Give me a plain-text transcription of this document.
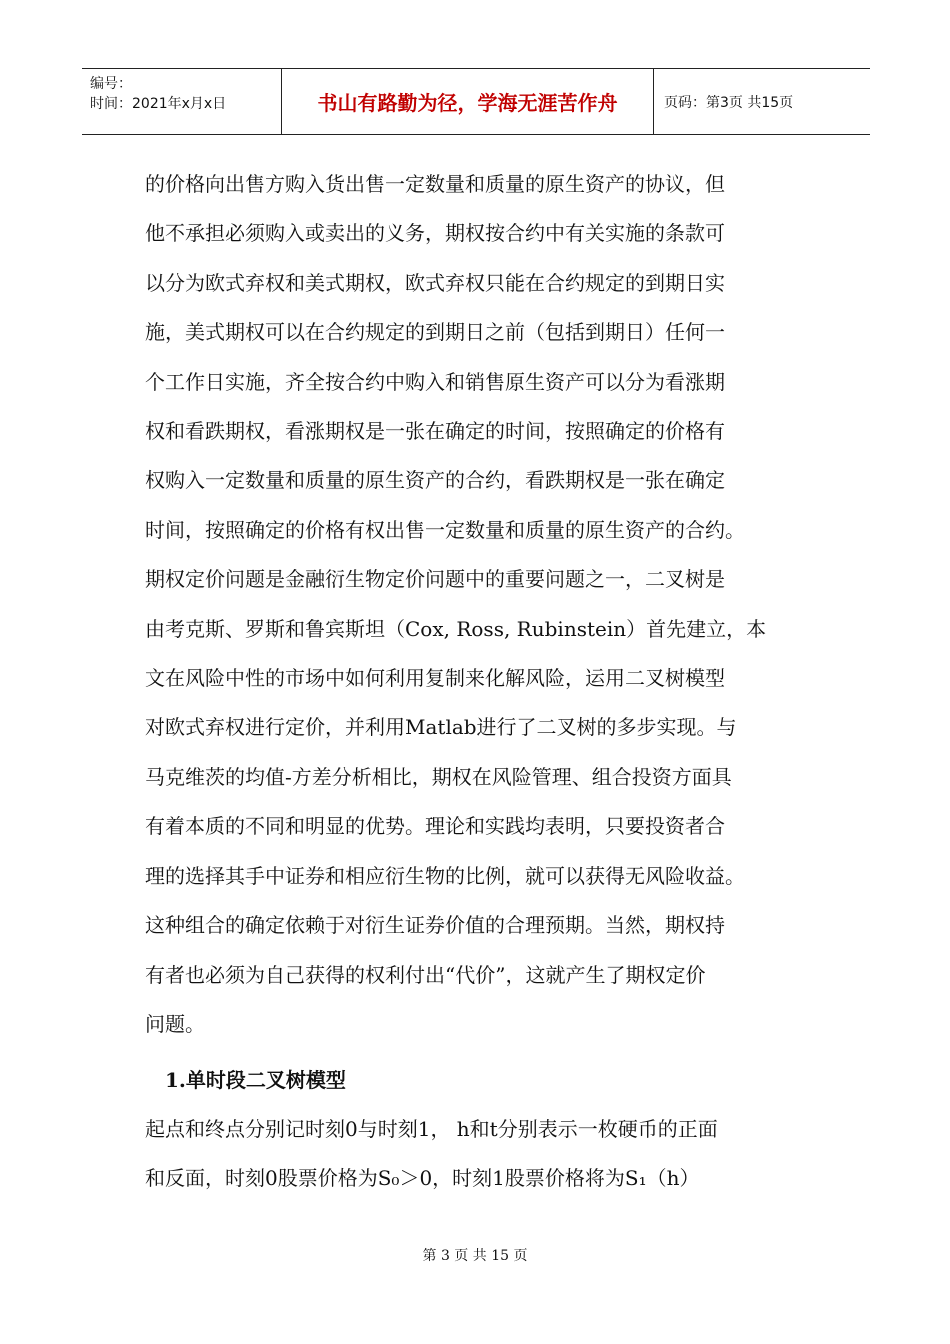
编号：
时间：2021年x月x日	书山有路勤为径，学海无涯苦作舟	页码：第3页 共15页

的价格向出售方购入货出售一定数量和质量的原生资产的协议，但

他不承担必须购入或卖出的义务，期权按合约中有关实施的条款可

以分为欧式弃权和美式期权，欧式弃权只能在合约规定的到期日实

施，美式期权可以在合约规定的到期日之前（包括到期日）任何一

个工作日实施，齐全按合约中购入和销售原生资产可以分为看涨期

权和看跌期权，看涨期权是一张在确定的时间，按照确定的价格有

权购入一定数量和质量的原生资产的合约，看跌期权是一张在确定

时间，按照确定的价格有权出售一定数量和质量的原生资产的合约。

期权定价问题是金融衍生物定价问题中的重要问题之一，二叉树是

由考克斯、罗斯和鲁宾斯坦（Cox, Ross, Rubinstein）首先建立，本

文在风险中性的市场中如何利用复制来化解风险，运用二叉树模型

对欧式弃权进行定价，并利用Matlab进行了二叉树的多步实现。与

马克维茨的均值-方差分析相比，期权在风险管理、组合投资方面具

有着本质的不同和明显的优势。理论和实践均表明，只要投资者合

理的选择其手中证券和相应衍生物的比例，就可以获得无风险收益。

这种组合的确定依赖于对衍生证券价值的合理预期。当然，期权持

有者也必须为自己获得的权利付出“代价”，这就产生了期权定价

问题。

1.单时段二叉树模型

起点和终点分别记时刻0与时刻1， h和t分别表示一枚硬币的正面

和反面，时刻0股票价格为S₀＞0，时刻1股票价格将为S₁（h）

第 3 页 共 15 页
